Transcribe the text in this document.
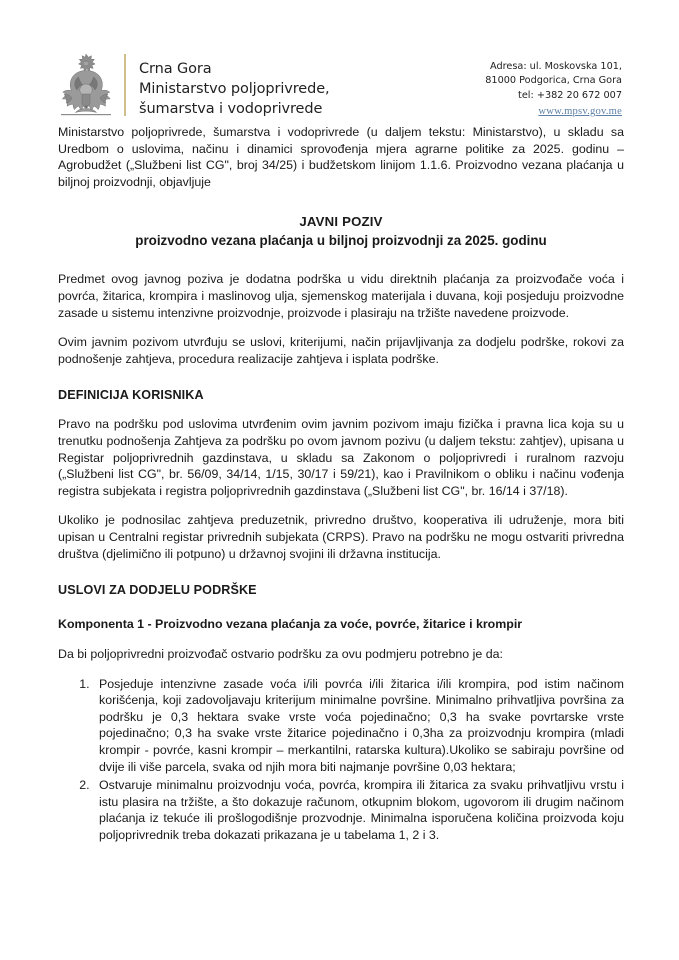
Crna Gora
Ministarstvo poljoprivrede,
šumarstva i vodoprivrede
Adresa: ul. Moskovska 101,
81000 Podgorica, Crna Gora
tel: +382 20 672 007
www.mpsv.gov.me

Ministarstvo poljoprivrede, šumarstva i vodoprivrede (u daljem tekstu: Ministarstvo), u skladu sa Uredbom o uslovima, načinu i dinamici sprovođenja mjera agrarne politike za 2025. godinu – Agrobudžet („Službeni list CG", broj 34/25) i budžetskom linijom 1.1.6. Proizvodno vezana plaćanja u biljnoj proizvodnji, objavljuje

JAVNI POZIV
proizvodno vezana plaćanja u biljnoj proizvodnji za 2025. godinu

Predmet ovog javnog poziva je dodatna podrška u vidu direktnih plaćanja za proizvođače voća i povrća, žitarica, krompira i maslinovog ulja, sjemenskog materijala i duvana, koji posjeduju proizvodne zasade u sistemu intenzivne proizvodnje, proizvode i plasiraju na tržište navedene proizvode.

Ovim javnim pozivom utvrđuju se uslovi, kriterijumi, način prijavljivanja za dodjelu podrške, rokovi za podnošenje zahtjeva, procedura realizacije zahtjeva i isplata podrške.

DEFINICIJA KORISNIKA

Pravo na podršku pod uslovima utvrđenim ovim javnim pozivom imaju fizička i pravna lica koja su u trenutku podnošenja Zahtjeva za podršku po ovom javnom pozivu (u daljem tekstu: zahtjev), upisana u Registar poljoprivrednih gazdinstava, u skladu sa Zakonom o poljoprivredi i ruralnom razvoju („Službeni list CG", br. 56/09, 34/14, 1/15, 30/17 i 59/21), kao i Pravilnikom o obliku i načinu vođenja registra subjekata i registra poljoprivrednih gazdinstava („Službeni list CG", br. 16/14 i 37/18).

Ukoliko je podnosilac zahtjeva preduzetnik, privredno društvo, kooperativa ili udruženje, mora biti upisan u Centralni registar privrednih subjekata (CRPS). Pravo na podršku ne mogu ostvariti privredna društva (djelimično ili potpuno) u državnoj svojini ili državna institucija.

USLOVI ZA DODJELU PODRŠKE
Komponenta 1 - Proizvodno vezana plaćanja za voće, povrće, žitarice i krompir

Da bi poljoprivredni proizvođač ostvario podršku za ovu podmjeru potrebno je da:

1. Posjeduje intenzivne zasade voća i/ili povrća i/ili žitarica i/ili krompira, pod istim načinom korišćenja, koji zadovoljavaju kriterijum minimalne površine. Minimalno prihvatljiva površina za podršku je 0,3 hektara svake vrste voća pojedinačno; 0,3 ha svake povrtarske vrste pojedinačno; 0,3 ha svake vrste žitarice pojedinačno i 0,3ha za proizvodnju krompira (mladi krompir - povrće, kasni krompir – merkantilni, ratarska kultura).Ukoliko se sabiraju površine od dvije ili više parcela, svaka od njih mora biti najmanje površine 0,03 hektara;
2. Ostvaruje minimalnu proizvodnju voća, povrća, krompira ili žitarica za svaku prihvatljivu vrstu i istu plasira na tržište, a što dokazuje računom, otkupnim blokom, ugovorom ili drugim načinom plaćanja iz tekuće ili prošlogodišnje prozvodnje. Minimalna isporučena količina proizvoda koju poljoprivrednik treba dokazati prikazana je u tabelama 1, 2 i 3.
